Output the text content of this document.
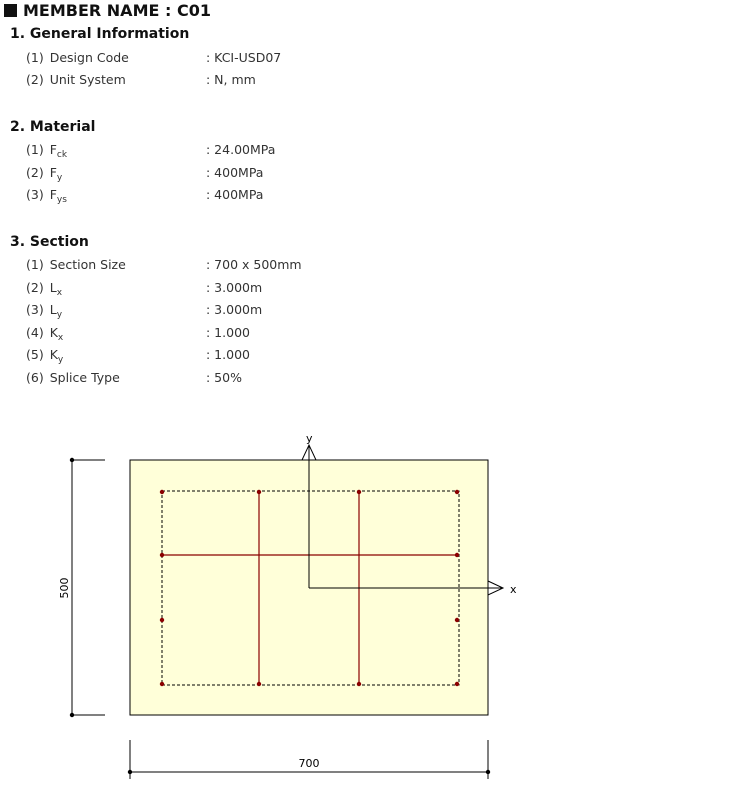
MEMBER NAME : C01
1. General Information
(1) Design Code	: KCI-USD07
(2) Unit System	: N, mm
2. Material
(1) $F_{ck}$	: 24.00MPa
(2) $F_y$	: 400MPa
(3) $F_{ys}$	: 400MPa
3. Section
(1) Section Size	: 700 x 500mm
(2) $L_x$	: 3.000m
(3) $L_y$	: 3.000m
(4) $K_x$	: 1.000
(5) $K_y$	: 1.000
(6) Splice Type	: 50%
y
x
500
700
